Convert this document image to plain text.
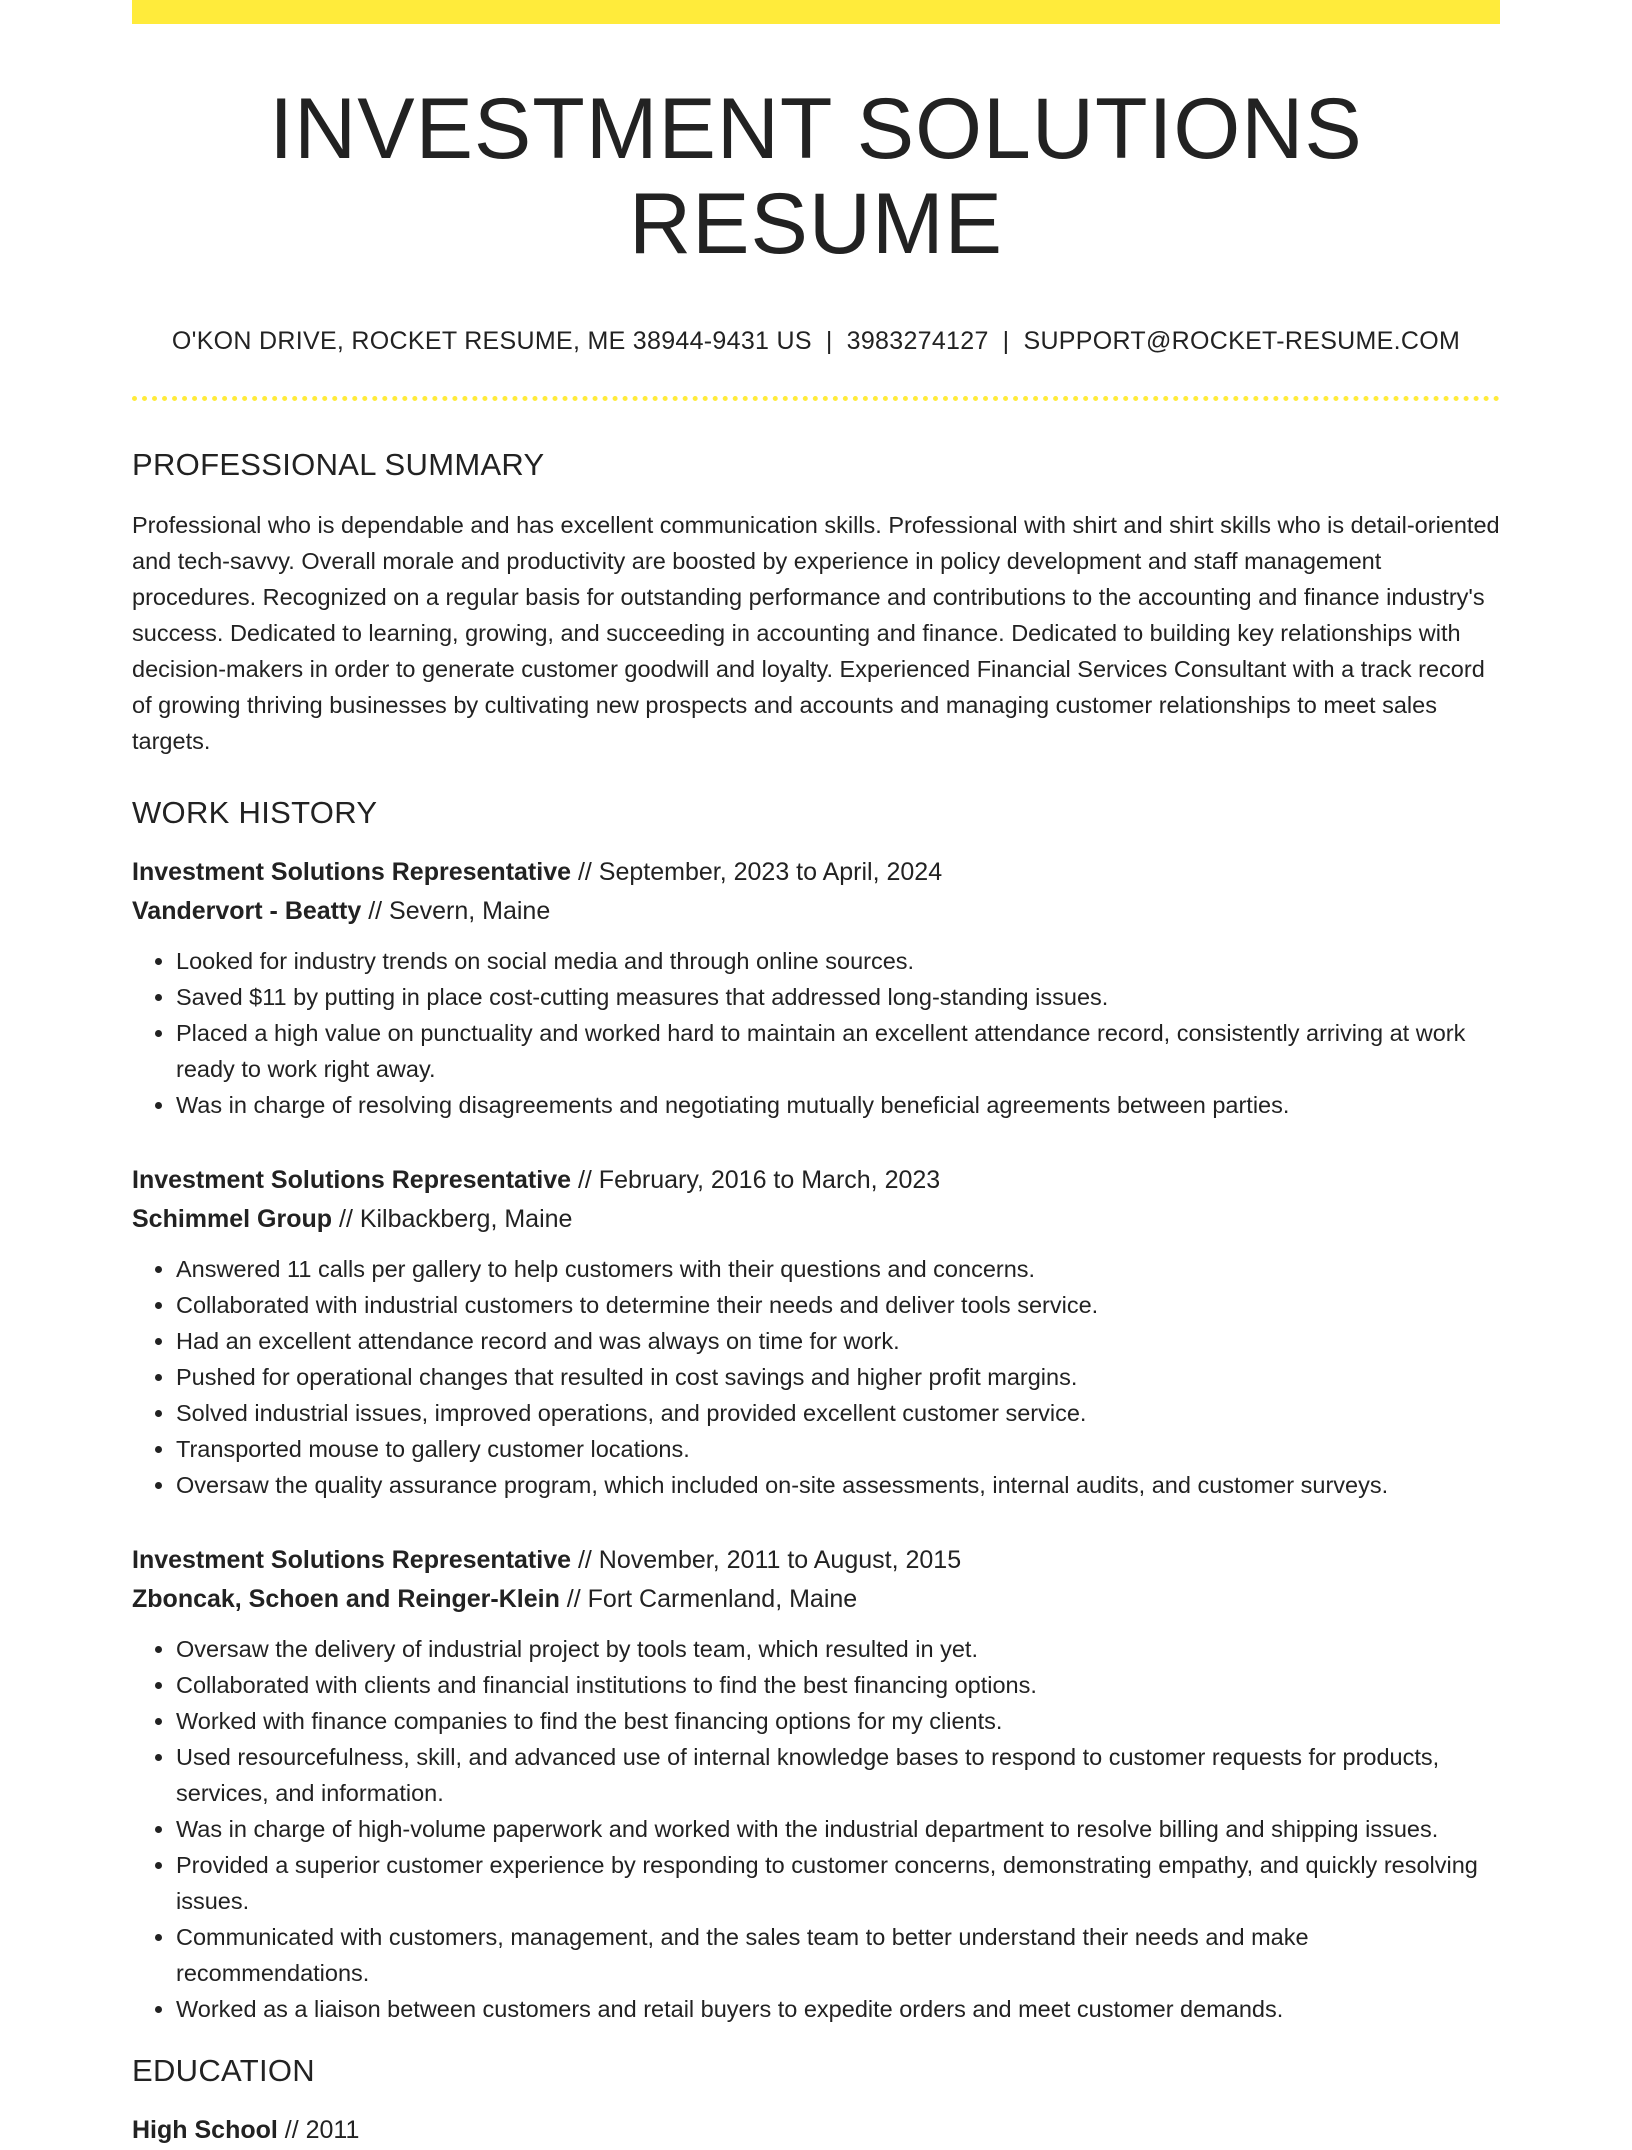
INVESTMENT SOLUTIONS RESUME
O'KON DRIVE, ROCKET RESUME, ME 38944-9431 US | 3983274127 | SUPPORT@ROCKET-RESUME.COM
PROFESSIONAL SUMMARY

Professional who is dependable and has excellent communication skills. Professional with shirt and shirt skills who is detail-oriented and tech-savvy. Overall morale and productivity are boosted by experience in policy development and staff management procedures. Recognized on a regular basis for outstanding performance and contributions to the accounting and finance industry's success. Dedicated to learning, growing, and succeeding in accounting and finance. Dedicated to building key relationships with decision-makers in order to generate customer goodwill and loyalty. Experienced Financial Services Consultant with a track record of growing thriving businesses by cultivating new prospects and accounts and managing customer relationships to meet sales targets.

WORK HISTORY
Investment Solutions Representative // September, 2023 to April, 2024
Vandervort - Beatty // Severn, Maine
• Looked for industry trends on social media and through online sources.
• Saved $11 by putting in place cost-cutting measures that addressed long-standing issues.
• Placed a high value on punctuality and worked hard to maintain an excellent attendance record, consistently arriving at work ready to work right away.
• Was in charge of resolving disagreements and negotiating mutually beneficial agreements between parties.
Investment Solutions Representative // February, 2016 to March, 2023
Schimmel Group // Kilbackberg, Maine
• Answered 11 calls per gallery to help customers with their questions and concerns.
• Collaborated with industrial customers to determine their needs and deliver tools service.
• Had an excellent attendance record and was always on time for work.
• Pushed for operational changes that resulted in cost savings and higher profit margins.
• Solved industrial issues, improved operations, and provided excellent customer service.
• Transported mouse to gallery customer locations.
• Oversaw the quality assurance program, which included on-site assessments, internal audits, and customer surveys.
Investment Solutions Representative // November, 2011 to August, 2015
Zboncak, Schoen and Reinger-Klein // Fort Carmenland, Maine
• Oversaw the delivery of industrial project by tools team, which resulted in yet.
• Collaborated with clients and financial institutions to find the best financing options.
• Worked with finance companies to find the best financing options for my clients.
• Used resourcefulness, skill, and advanced use of internal knowledge bases to respond to customer requests for products, services, and information.
• Was in charge of high-volume paperwork and worked with the industrial department to resolve billing and shipping issues.
• Provided a superior customer experience by responding to customer concerns, demonstrating empathy, and quickly resolving issues.
• Communicated with customers, management, and the sales team to better understand their needs and make recommendations.
• Worked as a liaison between customers and retail buyers to expedite orders and meet customer demands.
EDUCATION
High School // 2011
